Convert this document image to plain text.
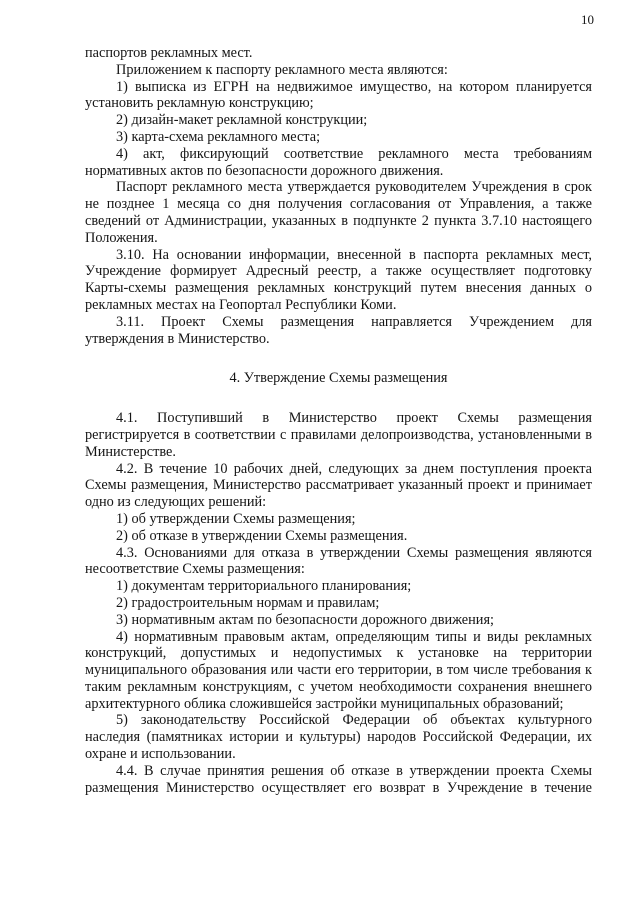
10

паспортов рекламных мест.

Приложением к паспорту рекламного места являются:

1) выписка из ЕГРН на недвижимое имущество, на котором планируется установить рекламную конструкцию;

2) дизайн-макет рекламной конструкции;

3) карта-схема рекламного места;

4) акт, фиксирующий соответствие рекламного места требованиям нормативных актов по безопасности дорожного движения.

Паспорт рекламного места утверждается руководителем Учреждения в срок не позднее 1 месяца со дня получения согласования от Управления, а также сведений от Администрации, указанных в подпункте 2 пункта 3.7.10 настоящего Положения.

3.10. На основании информации, внесенной в паспорта рекламных мест, Учреждение формирует Адресный реестр, а также осуществляет подготовку Карты-схемы размещения рекламных конструкций путем внесения данных о рекламных местах на Геопортал Республики Коми.

3.11. Проект Схемы размещения направляется Учреждением для утверждения в Министерство.

4. Утверждение Схемы размещения

4.1. Поступивший в Министерство проект Схемы размещения регистрируется в соответствии с правилами делопроизводства, установленными в Министерстве.

4.2. В течение 10 рабочих дней, следующих за днем поступления проекта Схемы размещения, Министерство рассматривает указанный проект и принимает одно из следующих решений:

1) об утверждении Схемы размещения;

2) об отказе в утверждении Схемы размещения.

4.3. Основаниями для отказа в утверждении Схемы размещения являются несоответствие Схемы размещения:

1) документам территориального планирования;

2) градостроительным нормам и правилам;

3) нормативным актам по безопасности дорожного движения;

4) нормативным правовым актам, определяющим типы и виды рекламных конструкций, допустимых и недопустимых к установке на территории муниципального образования или части его территории, в том числе требования к таким рекламным конструкциям, с учетом необходимости сохранения внешнего архитектурного облика сложившейся застройки муниципальных образований;

5) законодательству Российской Федерации об объектах культурного наследия (памятниках истории и культуры) народов Российской Федерации, их охране и использовании.

4.4. В случае принятия решения об отказе в утверждении проекта Схемы размещения Министерство осуществляет его возврат в Учреждение в течение
